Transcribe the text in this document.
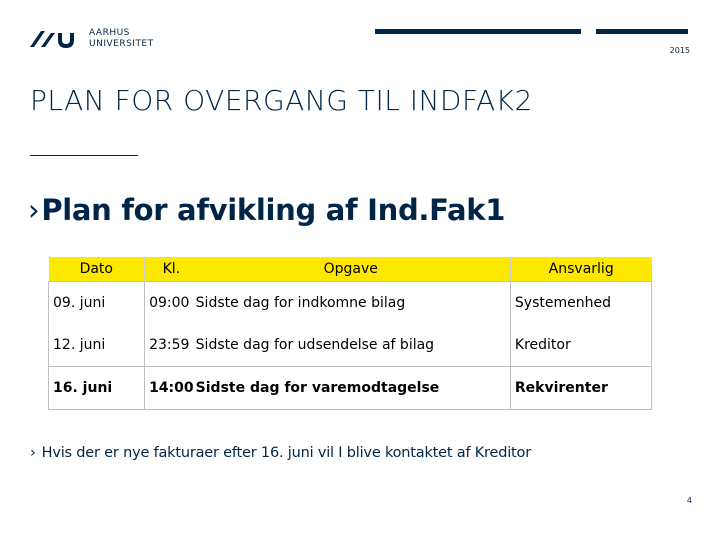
AARHUS
UNIVERSITET
2015
PLAN FOR OVERGANG TIL INDFAK2
›Plan for afvikling af Ind.Fak1
Dato	Kl.	Opgave	Ansvarlig
09. juni	09:00	Sidste dag for indkomne bilag	Systemenhed
12. juni	23:59	Sidste dag for udsendelse af bilag	Kreditor
16. juni	14:00	Sidste dag for varemodtagelse	Rekvirenter
› Hvis der er nye fakturaer efter 16. juni vil I blive kontaktet af Kreditor
4
